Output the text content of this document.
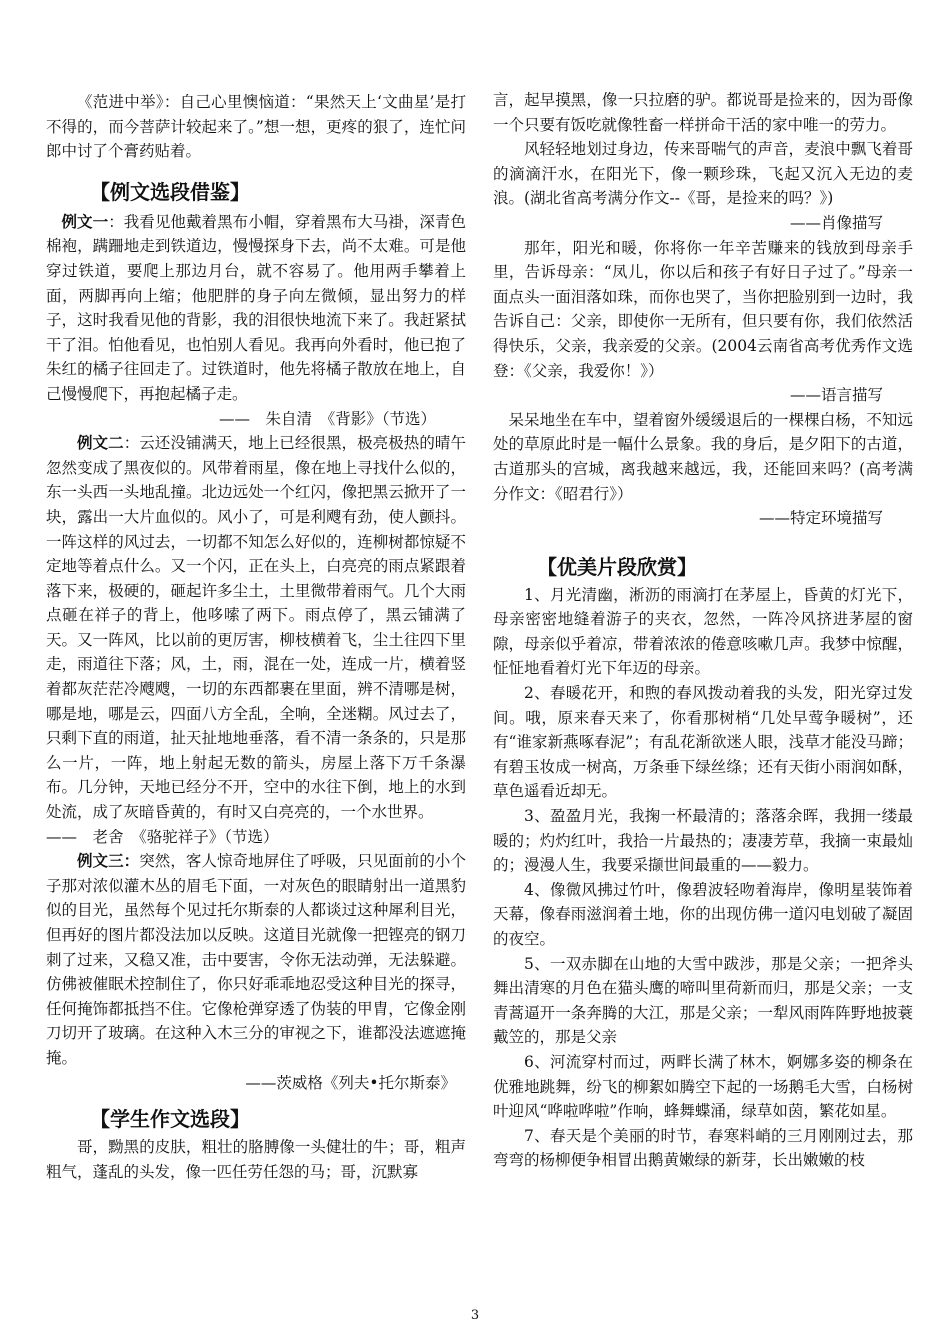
《范进中举》：自己心里懊恼道：“果然天上‘文曲星’是打不得的，而今菩萨计较起来了。”想一想，更疼的狠了，连忙问郎中讨了个膏药贴着。

【例文选段借鉴】

例文一：我看见他戴着黑布小帽，穿着黑布大马褂，深青色棉袍，蹒跚地走到铁道边，慢慢探身下去，尚不太难。可是他穿过铁道，要爬上那边月台，就不容易了。他用两手攀着上面，两脚再向上缩；他肥胖的身子向左微倾，显出努力的样子，这时我看见他的背影，我的泪很快地流下来了。我赶紧拭干了泪。怕他看见，也怕别人看见。我再向外看时，他已抱了朱红的橘子往回走了。过铁道时，他先将橘子散放在地上，自己慢慢爬下，再抱起橘子走。

——　朱自清　《背影》（节选）

例文二：云还没铺满天，地上已经很黑，极亮极热的晴午忽然变成了黑夜似的。风带着雨星，像在地上寻找什么似的，东一头西一头地乱撞。北边远处一个红闪，像把黑云掀开了一块，露出一大片血似的。风小了，可是利飕有劲，使人颤抖。一阵这样的风过去，一切都不知怎么好似的，连柳树都惊疑不定地等着点什么。又一个闪，正在头上，白亮亮的雨点紧跟着落下来，极硬的，砸起许多尘土，土里微带着雨气。几个大雨点砸在祥子的背上，他哆嗦了两下。雨点停了，黑云铺满了天。又一阵风，比以前的更厉害，柳枝横着飞，尘土往四下里走，雨道往下落；风，土，雨，混在一处，连成一片，横着竖着都灰茫茫冷飕飕，一切的东西都裹在里面，辨不清哪是树，哪是地，哪是云，四面八方全乱，全响，全迷糊。风过去了，只剩下直的雨道，扯天扯地地垂落，看不清一条条的，只是那么一片，一阵，地上射起无数的箭头，房屋上落下万千条瀑布。几分钟，天地已经分不开，空中的水往下倒，地上的水到处流，成了灰暗昏黄的，有时又白亮亮的，一个水世界。

——　老舍　《骆驼祥子》（节选）

例文三：突然，客人惊奇地屏住了呼吸，只见面前的小个子那对浓似灌木丛的眉毛下面，一对灰色的眼睛射出一道黑豹似的目光，虽然每个见过托尔斯泰的人都谈过这种犀利目光，但再好的图片都没法加以反映。这道目光就像一把铿亮的钢刀刺了过来，又稳又准，击中要害，令你无法动弹，无法躲避。仿佛被催眠术控制住了，你只好乖乖地忍受这种目光的探寻，任何掩饰都抵挡不住。它像枪弹穿透了伪装的甲胄，它像金刚刀切开了玻璃。在这种入木三分的审视之下，谁都没法遮遮掩掩。

——茨威格《列夫•托尔斯泰》

【学生作文选段】

哥，黝黑的皮肤，粗壮的胳膊像一头健壮的牛；哥，粗声粗气，蓬乱的头发，像一匹任劳任怨的马；哥，沉默寡

言，起早摸黑，像一只拉磨的驴。都说哥是捡来的，因为哥像一个只要有饭吃就像牲畜一样拼命干活的家中唯一的劳力。

风轻轻地划过身边，传来哥喘气的声音，麦浪中飘飞着哥的滴滴汗水，在阳光下，像一颗珍珠，飞起又沉入无边的麦浪。(湖北省高考满分作文--《哥，是捡来的吗？》)

——肖像描写

那年，阳光和暖，你将你一年辛苦赚来的钱放到母亲手里，告诉母亲：“凤儿，你以后和孩子有好日子过了。”母亲一面点头一面泪落如珠，而你也哭了，当你把脸别到一边时，我告诉自己：父亲，即使你一无所有，但只要有你，我们依然活得快乐，父亲，我亲爱的父亲。(2004云南省高考优秀作文选登：《父亲，我爱你！》）

——语言描写

呆呆地坐在车中，望着窗外缓缓退后的一棵棵白杨，不知远处的草原此时是一幅什么景象。我的身后，是夕阳下的古道，古道那头的宫城，离我越来越远，我，还能回来吗？(高考满分作文：《昭君行》）

——特定环境描写

【优美片段欣赏】

1、月光清幽，淅沥的雨滴打在茅屋上，昏黄的灯光下，母亲密密地缝着游子的夹衣，忽然，一阵冷风挤进茅屋的窗隙，母亲似乎着凉，带着浓浓的倦意咳嗽几声。我梦中惊醒，怔怔地看着灯光下年迈的母亲。

2、春暖花开，和煦的春风拨动着我的头发，阳光穿过发间。哦，原来春天来了，你看那树梢“几处早莺争暖树”，还有“谁家新燕啄春泥”；有乱花渐欲迷人眼，浅草才能没马蹄；有碧玉妆成一树高，万条垂下绿丝绦；还有天街小雨润如酥，草色遥看近却无。

3、盈盈月光，我掬一杯最清的；落落余晖，我拥一缕最暖的；灼灼红叶，我拾一片最热的；凄凄芳草，我摘一束最灿的；漫漫人生，我要采撷世间最重的——毅力。

4、像微风拂过竹叶，像碧波轻吻着海岸，像明星装饰着天幕，像春雨滋润着土地，你的出现仿佛一道闪电划破了凝固的夜空。

5、一双赤脚在山地的大雪中跋涉，那是父亲；一把斧头舞出清寒的月色在猫头鹰的啼叫里荷新而归，那是父亲；一支青蒿逼开一条奔腾的大江，那是父亲；一犁风雨阵阵野地披蓑戴笠的，那是父亲

6、河流穿村而过，两畔长满了林木，婀娜多姿的柳条在优雅地跳舞，纷飞的柳絮如腾空下起的一场鹅毛大雪，白杨树叶迎风“哗啦哗啦”作响，蜂舞蝶涌，绿草如茵，繁花如星。

7、春天是个美丽的时节，春寒料峭的三月刚刚过去，那弯弯的杨柳便争相冒出鹅黄嫩绿的新芽，长出嫩嫩的枝

3
